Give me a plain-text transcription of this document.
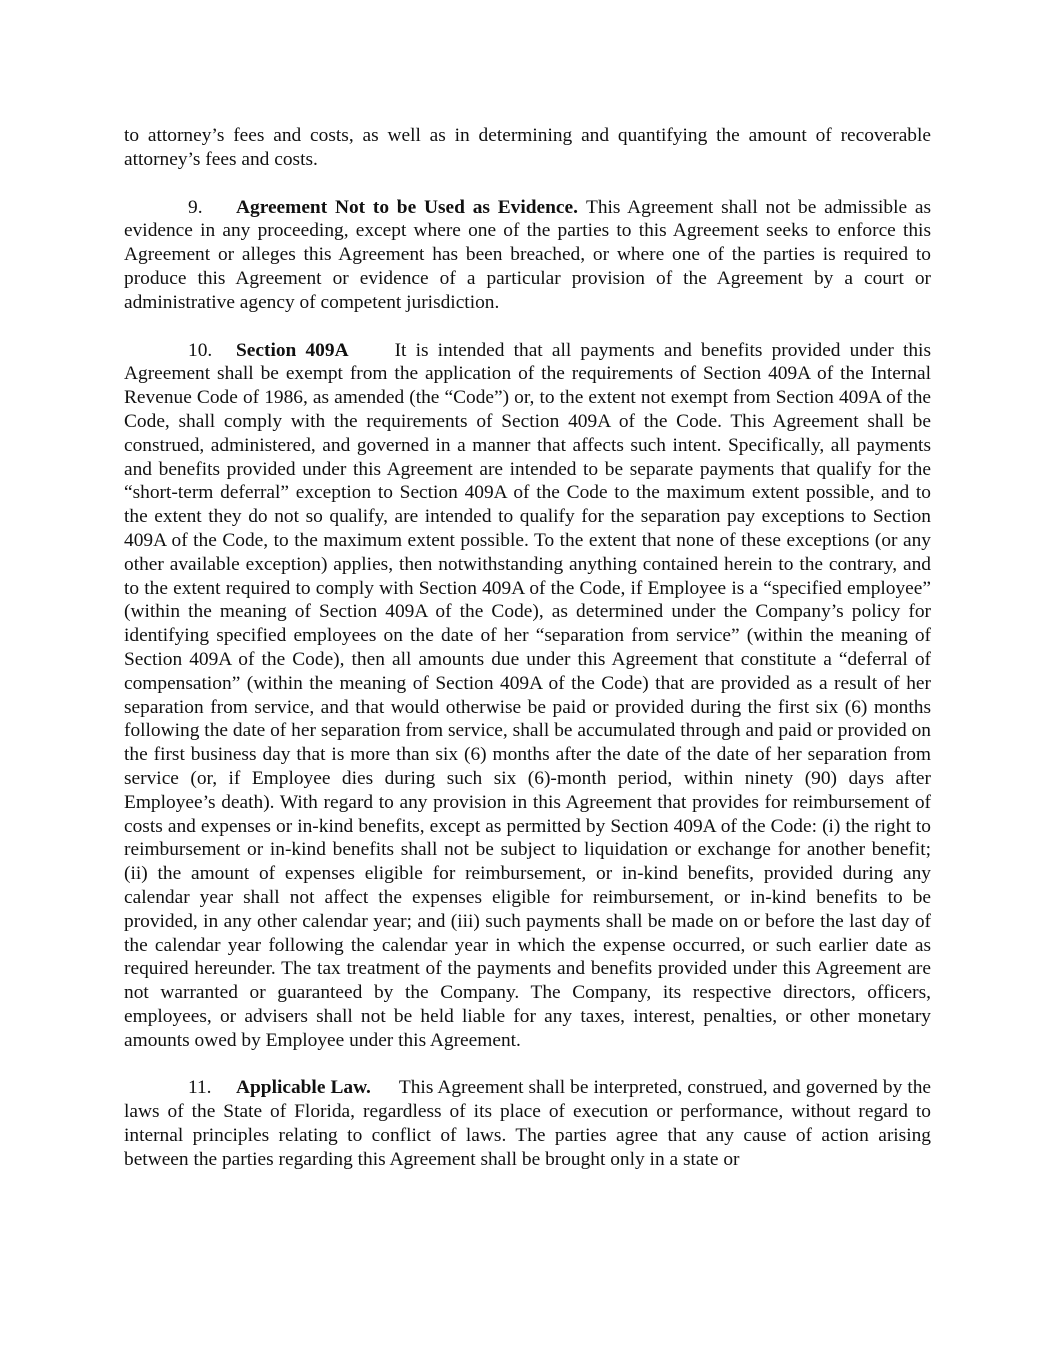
to attorney’s fees and costs, as well as in determining and quantifying the amount of recoverable attorney’s fees and costs.

9. Agreement Not to be Used as Evidence. This Agreement shall not be admissible as evidence in any proceeding, except where one of the parties to this Agreement seeks to enforce this Agreement or alleges this Agreement has been breached, or where one of the parties is required to produce this Agreement or evidence of a particular provision of the Agreement by a court or administrative agency of competent jurisdiction.

10. Section 409A It is intended that all payments and benefits provided under this Agreement shall be exempt from the application of the requirements of Section 409A of the Internal Revenue Code of 1986, as amended (the “Code”) or, to the extent not exempt from Section 409A of the Code, shall comply with the requirements of Section 409A of the Code. This Agreement shall be construed, administered, and governed in a manner that affects such intent. Specifically, all payments and benefits provided under this Agreement are intended to be separate payments that qualify for the “short-term deferral” exception to Section 409A of the Code to the maximum extent possible, and to the extent they do not so qualify, are intended to qualify for the separation pay exceptions to Section 409A of the Code, to the maximum extent possible. To the extent that none of these exceptions (or any other available exception) applies, then notwithstanding anything contained herein to the contrary, and to the extent required to comply with Section 409A of the Code, if Employee is a “specified employee” (within the meaning of Section 409A of the Code), as determined under the Company’s policy for identifying specified employees on the date of her “separation from service” (within the meaning of Section 409A of the Code), then all amounts due under this Agreement that constitute a “deferral of compensation” (within the meaning of Section 409A of the Code) that are provided as a result of her separation from service, and that would otherwise be paid or provided during the first six (6) months following the date of her separation from service, shall be accumulated through and paid or provided on the first business day that is more than six (6) months after the date of the date of her separation from service (or, if Employee dies during such six (6)-month period, within ninety (90) days after Employee’s death). With regard to any provision in this Agreement that provides for reimbursement of costs and expenses or in-kind benefits, except as permitted by Section 409A of the Code: (i) the right to reimbursement or in-kind benefits shall not be subject to liquidation or exchange for another benefit; (ii) the amount of expenses eligible for reimbursement, or in-kind benefits, provided during any calendar year shall not affect the expenses eligible for reimbursement, or in-kind benefits to be provided, in any other calendar year; and (iii) such payments shall be made on or before the last day of the calendar year following the calendar year in which the expense occurred, or such earlier date as required hereunder. The tax treatment of the payments and benefits provided under this Agreement are not warranted or guaranteed by the Company. The Company, its respective directors, officers, employees, or advisers shall not be held liable for any taxes, interest, penalties, or other monetary amounts owed by Employee under this Agreement.

11. Applicable Law. This Agreement shall be interpreted, construed, and governed by the laws of the State of Florida, regardless of its place of execution or performance, without regard to internal principles relating to conflict of laws. The parties agree that any cause of action arising between the parties regarding this Agreement shall be brought only in a state or
